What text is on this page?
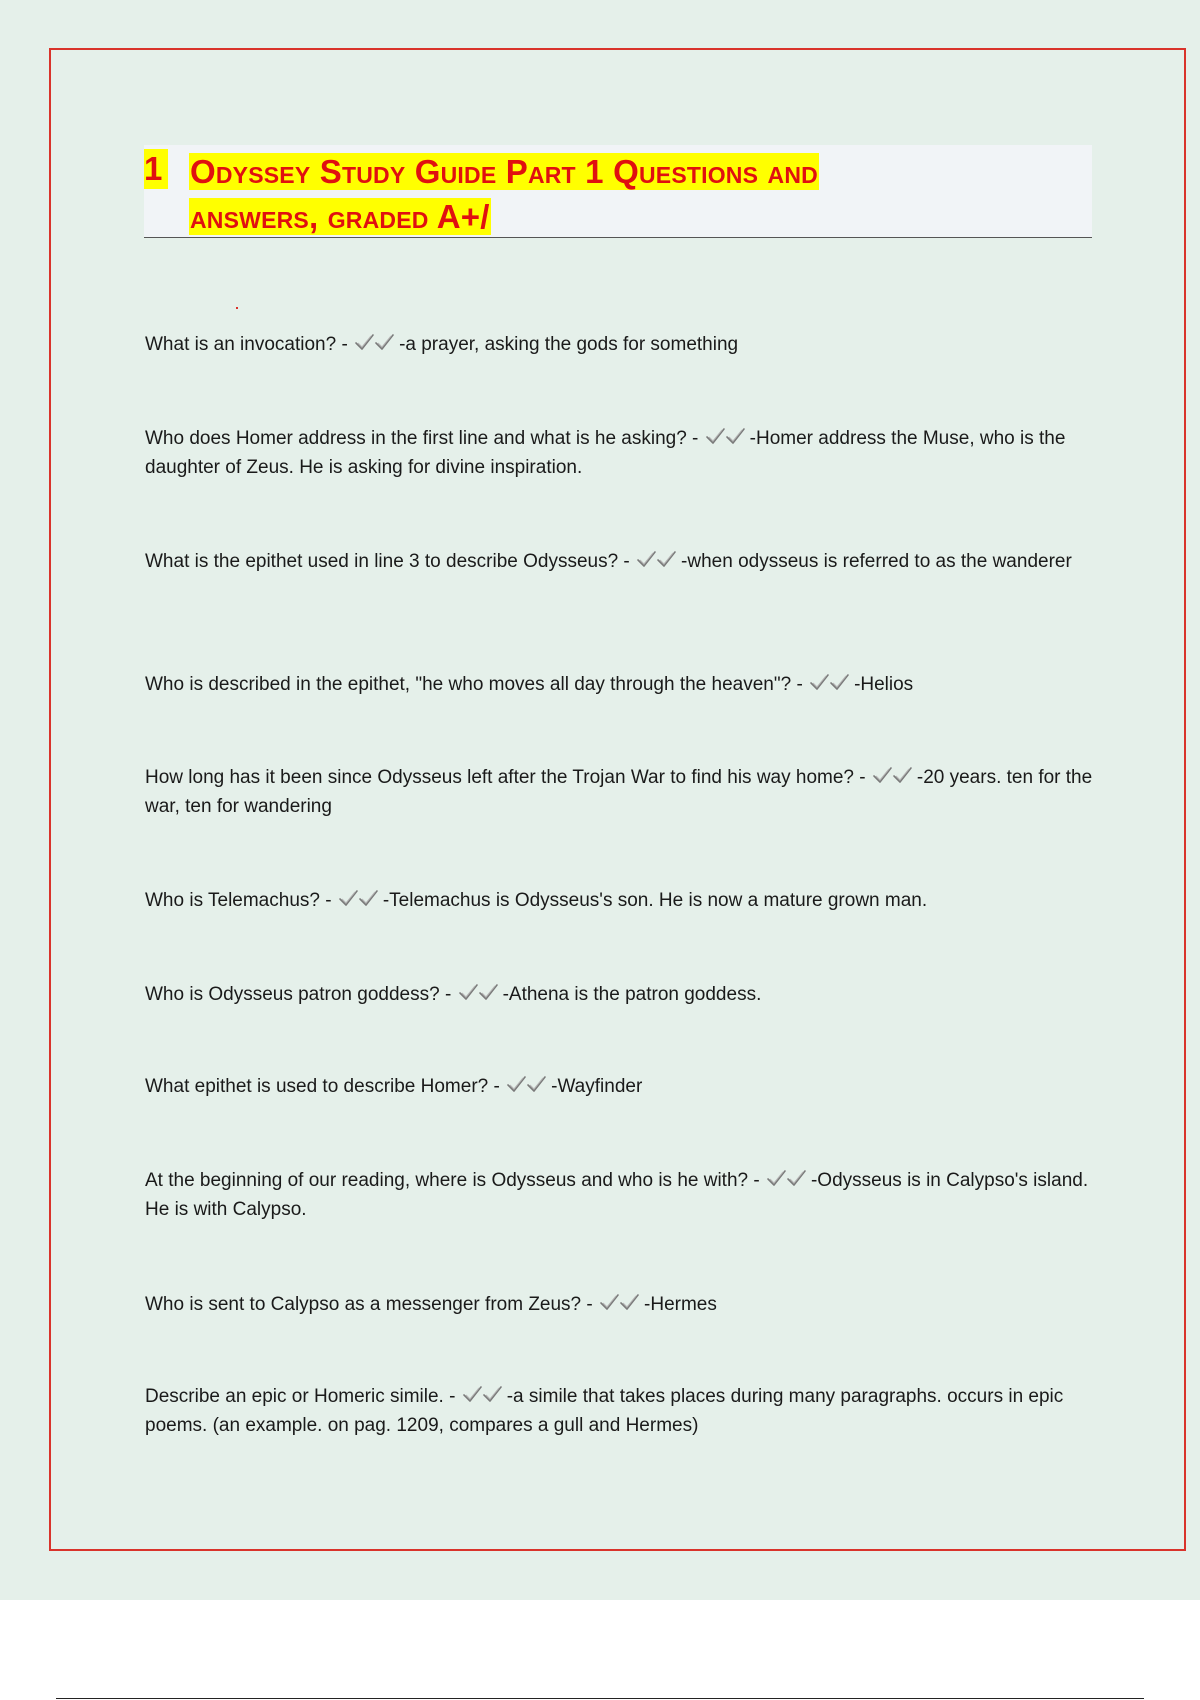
1 Odyssey Study Guide Part 1 Questions and
answers, graded A+/
What is an invocation? - -a prayer, asking the gods for something
Who does Homer address in the first line and what is he asking? - -Homer address the Muse, who is the daughter of Zeus. He is asking for divine inspiration.
What is the epithet used in line 3 to describe Odysseus? - -when odysseus is referred to as the wanderer
Who is described in the epithet, "he who moves all day through the heaven"? - -Helios
How long has it been since Odysseus left after the Trojan War to find his way home? - -20 years. ten for the war, ten for wandering
Who is Telemachus? - -Telemachus is Odysseus's son. He is now a mature grown man.
Who is Odysseus patron goddess? - -Athena is the patron goddess.
What epithet is used to describe Homer? - -Wayfinder
At the beginning of our reading, where is Odysseus and who is he with? - -Odysseus is in Calypso's island. He is with Calypso.
Who is sent to Calypso as a messenger from Zeus? - -Hermes
Describe an epic or Homeric simile. - -a simile that takes places during many paragraphs. occurs in epic poems. (an example. on pag. 1209, compares a gull and Hermes)
